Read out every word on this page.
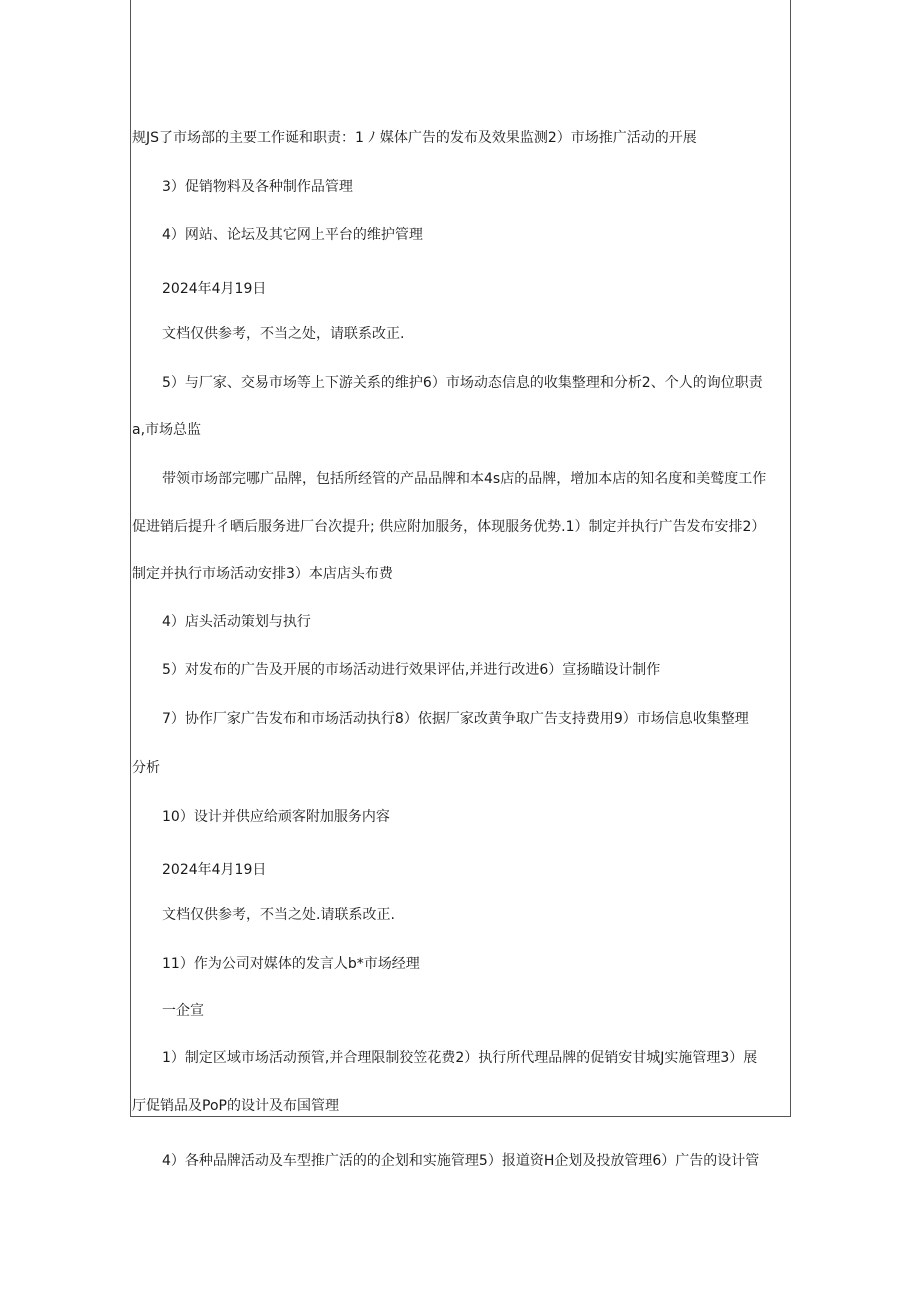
规JS了市场部的主要工作诞和职责：1 ﾉ 媒体广告的发布及效果监测2）市场推广活动的开展
3）促销物料及各种制作品管理
4）网站、论坛及其它网上平台的维护管理
2024年4月19日
文档仅供参考，不当之处，请联系改正.
5）与厂家、交易市场等上下游关系的维护6）市场动态信息的收集整理和分析2、个人的询位职责
a,市场总监
带领市场部完哪广品牌，包括所经管的产品品牌和本4s店的品牌，增加本店的知名度和美鹫度工作
促进销后提升彳晒后服务进厂台次提升; 供应附加服务，体现服务优势.1）制定并执行广告发布安排2）
制定并执行市场活动安排3）本店店头布费
4）店头活动策划与执行
5）对发布的广告及开展的市场活动进行效果评估,并进行改进6）宣扬瞄设计制作
7）协作厂家广告发布和市场活动执行8）依据厂家改黄争取广告支持费用9）市场信息收集整理
分析
10）设计并供应给顽客附加服务内容
2024年4月19日
文档仅供参考，不当之处.请联系改正.
11）作为公司对媒体的发言人b*市场经理
一企宣
1）制定区域市场活动预管,并合理限制狡笠花费2）执行所代理品牌的促销安甘城J实施管理3）展
厅促销品及PoP的设计及布国管理
4）各种品牌活动及车型推广活的的企划和实施管理5）报道资H企划及投放管理6）广告的设计管
